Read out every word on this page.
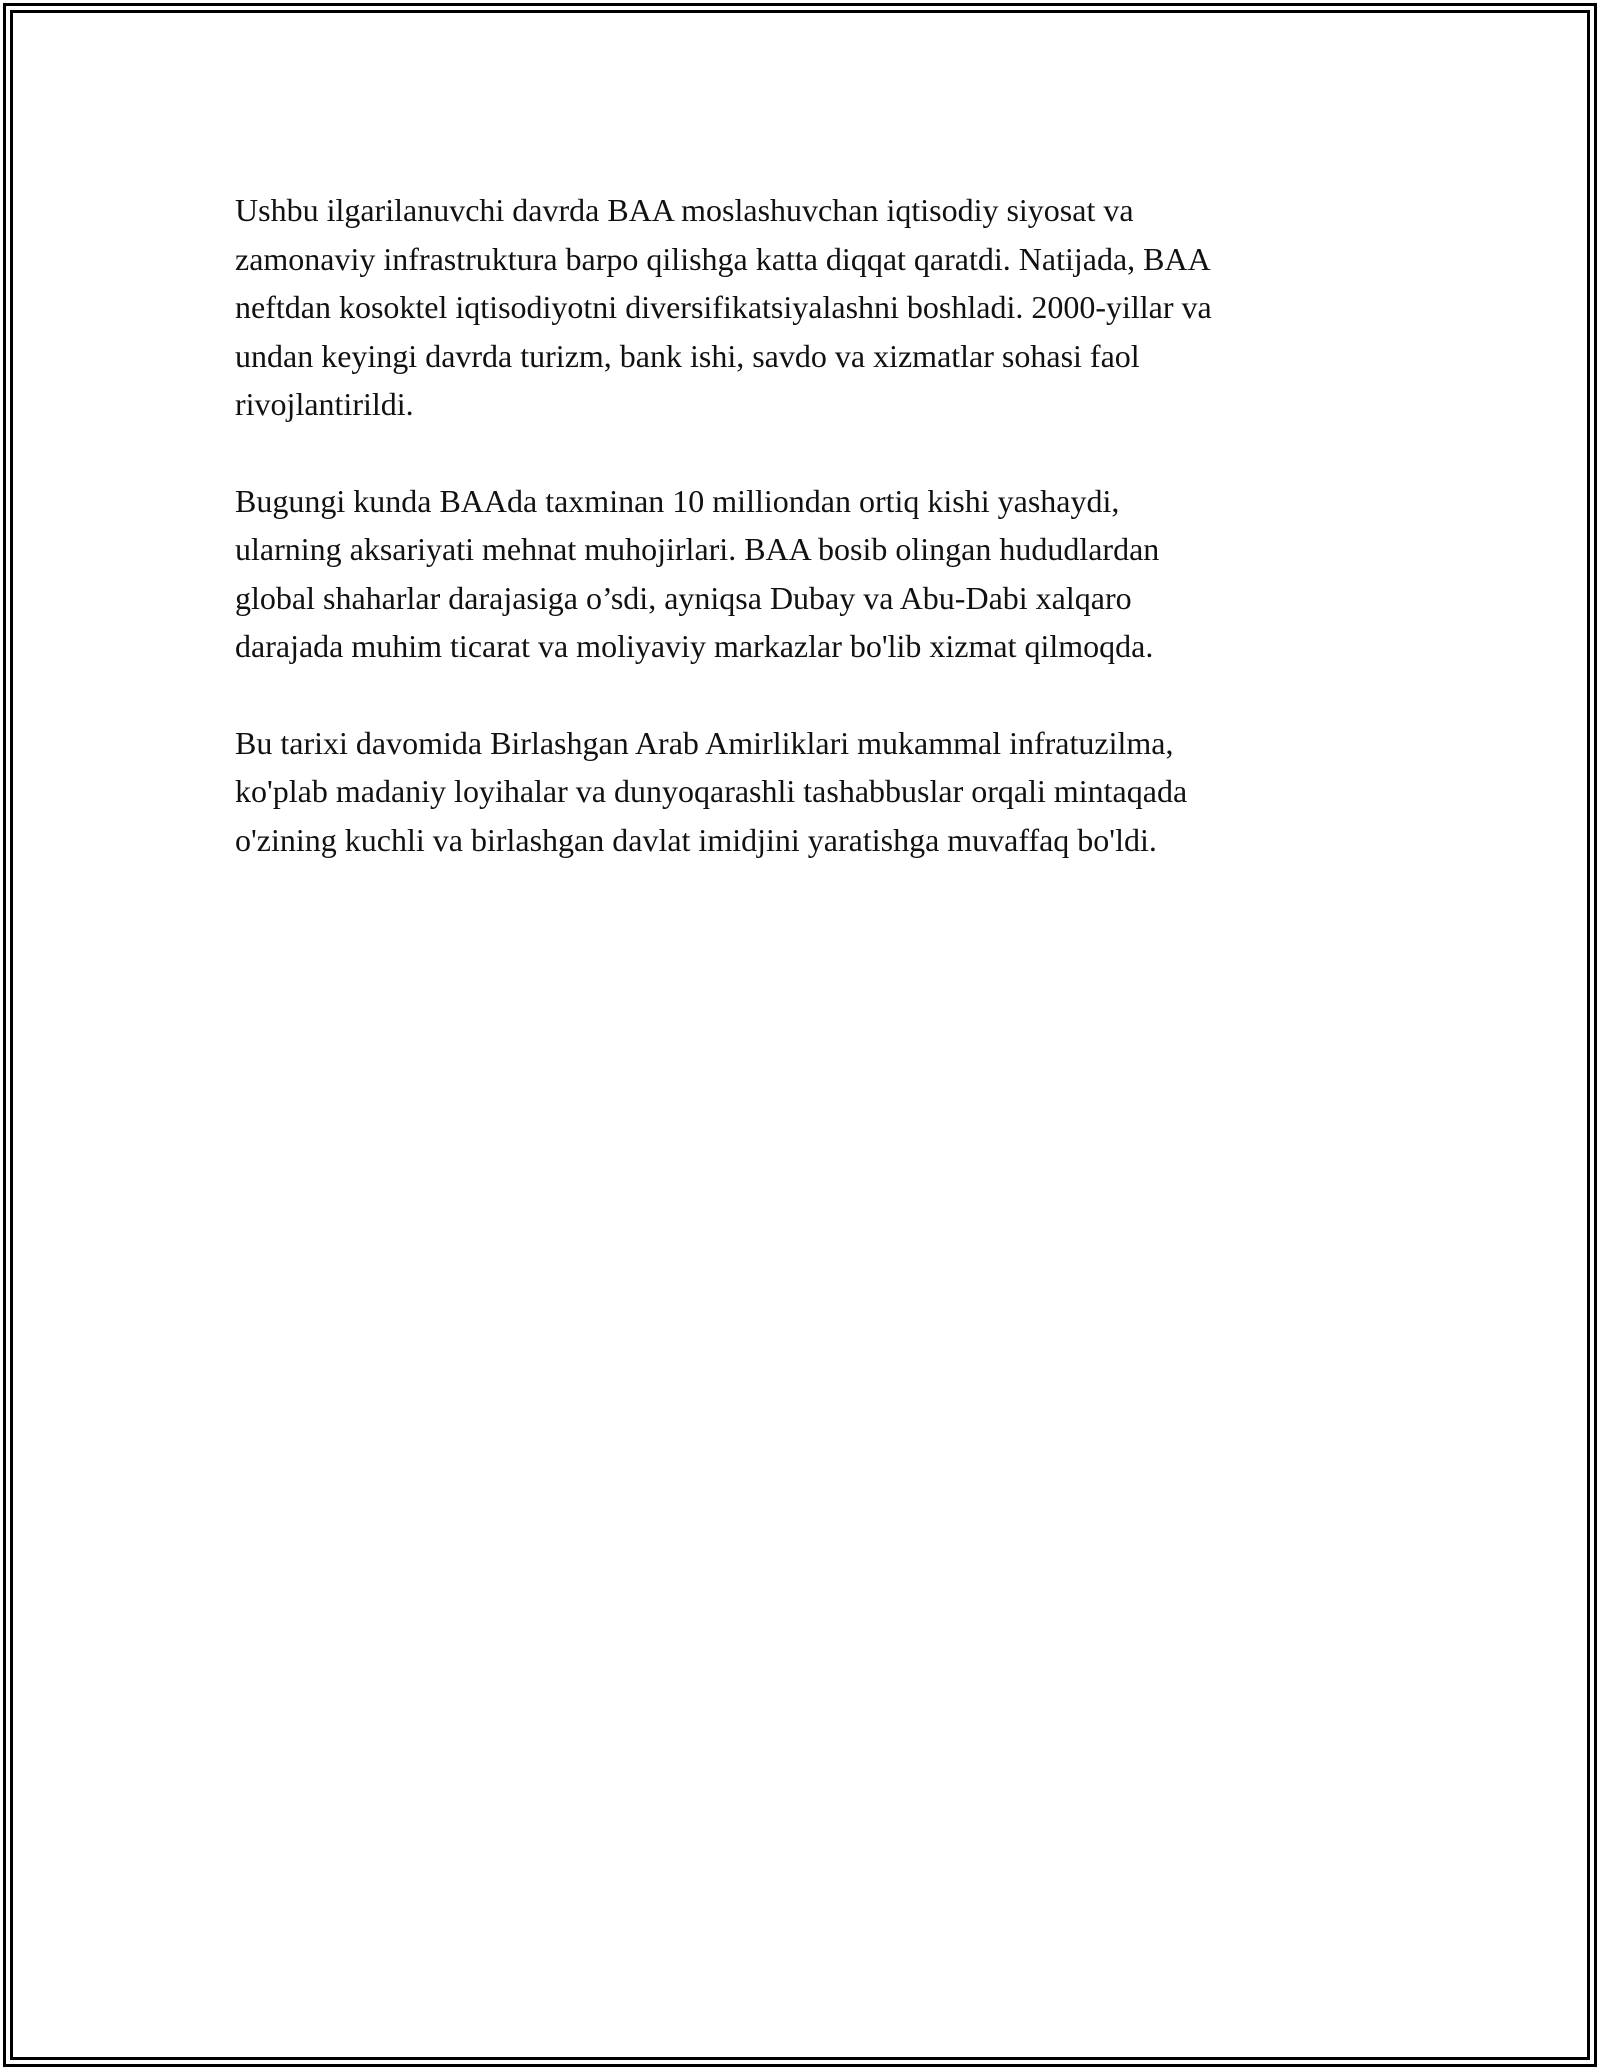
Ushbu ilgarilanuvchi davrda BAA moslashuvchan iqtisodiy siyosat va
zamonaviy infrastruktura barpo qilishga katta diqqat qaratdi. Natijada, BAA
neftdan kosoktel iqtisodiyotni diversifikatsiyalashni boshladi. 2000-yillar va
undan keyingi davrda turizm, bank ishi, savdo va xizmatlar sohasi faol
rivojlantirildi.

Bugungi kunda BAAda taxminan 10 milliondan ortiq kishi yashaydi,
ularning aksariyati mehnat muhojirlari. BAA bosib olingan hududlardan
global shaharlar darajasiga o’sdi, ayniqsa Dubay va Abu-Dabi xalqaro
darajada muhim ticarat va moliyaviy markazlar bo'lib xizmat qilmoqda.

Bu tarixi davomida Birlashgan Arab Amirliklari mukammal infratuzilma,
ko'plab madaniy loyihalar va dunyoqarashli tashabbuslar orqali mintaqada
o'zining kuchli va birlashgan davlat imidjini yaratishga muvaffaq bo'ldi.
